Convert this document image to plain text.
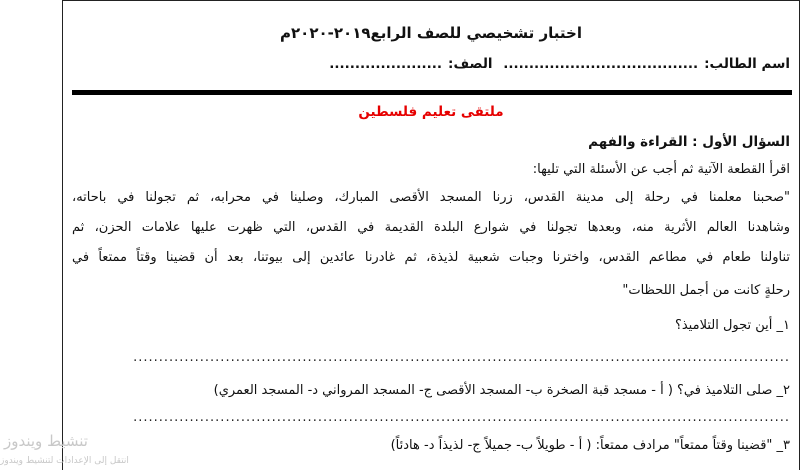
اختبار تشخيصي للصف الرابع٢٠١٩-٢٠٢٠م
اسم الطالب:...................................... الصف:......................
ملتقى تعليم فلسطين
السؤال الأول : القراءة والفهم
اقرأ القطعة الآتية ثم أجب عن الأسئلة التي تليها:
"صحبنا معلمنا في رحلة إلى مدينة القدس، زرنا المسجد الأقصى المبارك، وصلينا في محرابه، ثم تجولنا في باحاته،
وشاهدنا العالم الأثرية منه، وبعدها تجولنا في شوارع البلدة القديمة في القدس، التي ظهرت عليها علامات الحزن، ثم
تناولنا طعام في مطاعم القدس، واخترنا وجبات شعبية لذيذة، ثم غادرنا عائدين إلى بيوتنا، بعد أن قضينا وقتاً ممتعاً في
رحلةٍ كانت من أجمل اللحظات"
١_ أين تجول التلاميذ؟
................................................................................................................................
٢_ صلى التلاميذ في؟ ( أ - مسجد قبة الصخرة ب- المسجد الأقصى ج- المسجد المرواني د- المسجد العمري)
................................................................................................................................
٣_ "قضينا وقتاً ممتعاً" مرادف ممتعاً: ( أ - طويلاً ب- جميلاً ج- لذيذاً د- هادئاً)
تنشيط ويندوز
انتقل إلى الإعدادات لتنشيط ويندوز
